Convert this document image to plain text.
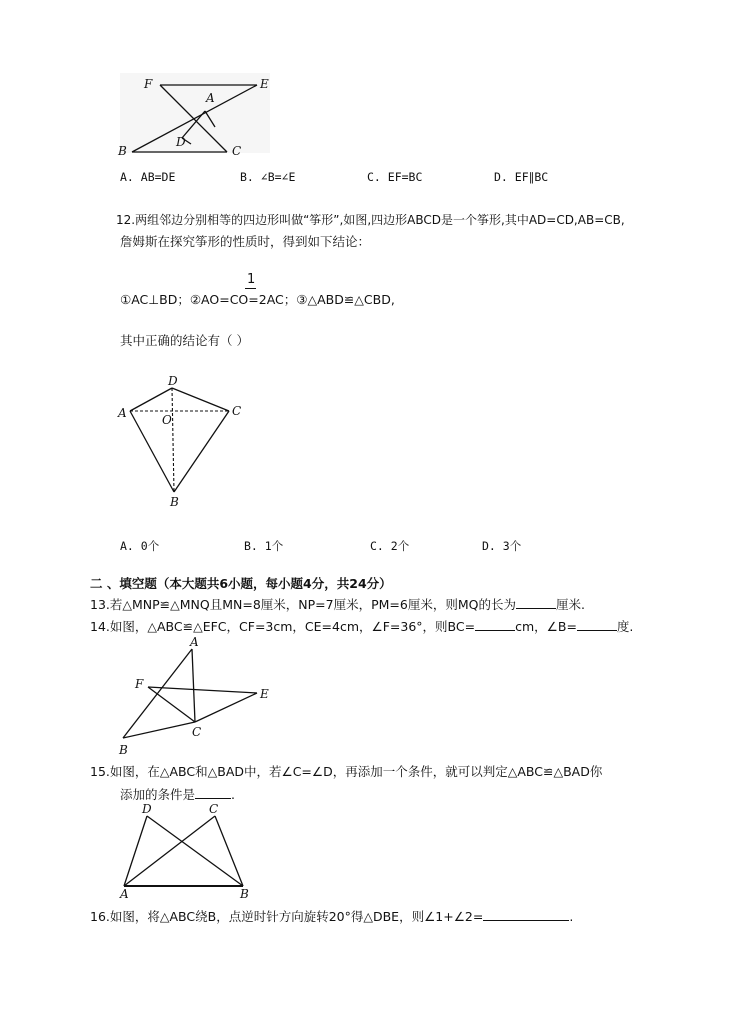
F	E
A
D
B	C
A. AB=DE	B. ∠B=∠E	C. EF=BC	D. EF∥BC
12.两组邻边分别相等的四边形叫做“筝形”,如图,四边形ABCD是一个筝形,其中AD=CD,AB=CB,
詹姆斯在探究筝形的性质时，得到如下结论：
1
①AC⊥BD；②AO=CO=2AC；③△ABD≌△CBD,
其中正确的结论有（ ）
D
A	O
C
B
A. 0个	B. 1个	C. 2个	D. 3个
二 、填空题（本大题共6小题，每小题4分，共24分）
13.若△MNP≌△MNQ且MN=8厘米，NP=7厘米，PM=6厘米，则MQ的长为	厘米.
14.如图，△ABC≌△EFC，CF=3cm，CE=4cm，∠F=36°，则BC=	cm，∠B=	度.
A
F
E
B
C
15.如图，在△ABC和△BAD中，若∠C=∠D，再添加一个条件，就可以判定△ABC≌△BAD你
添加的条件是	.
D	C
A	B
16.如图，将△ABC绕B，点逆时针方向旋转20°得△DBE，则∠1+∠2=	.
